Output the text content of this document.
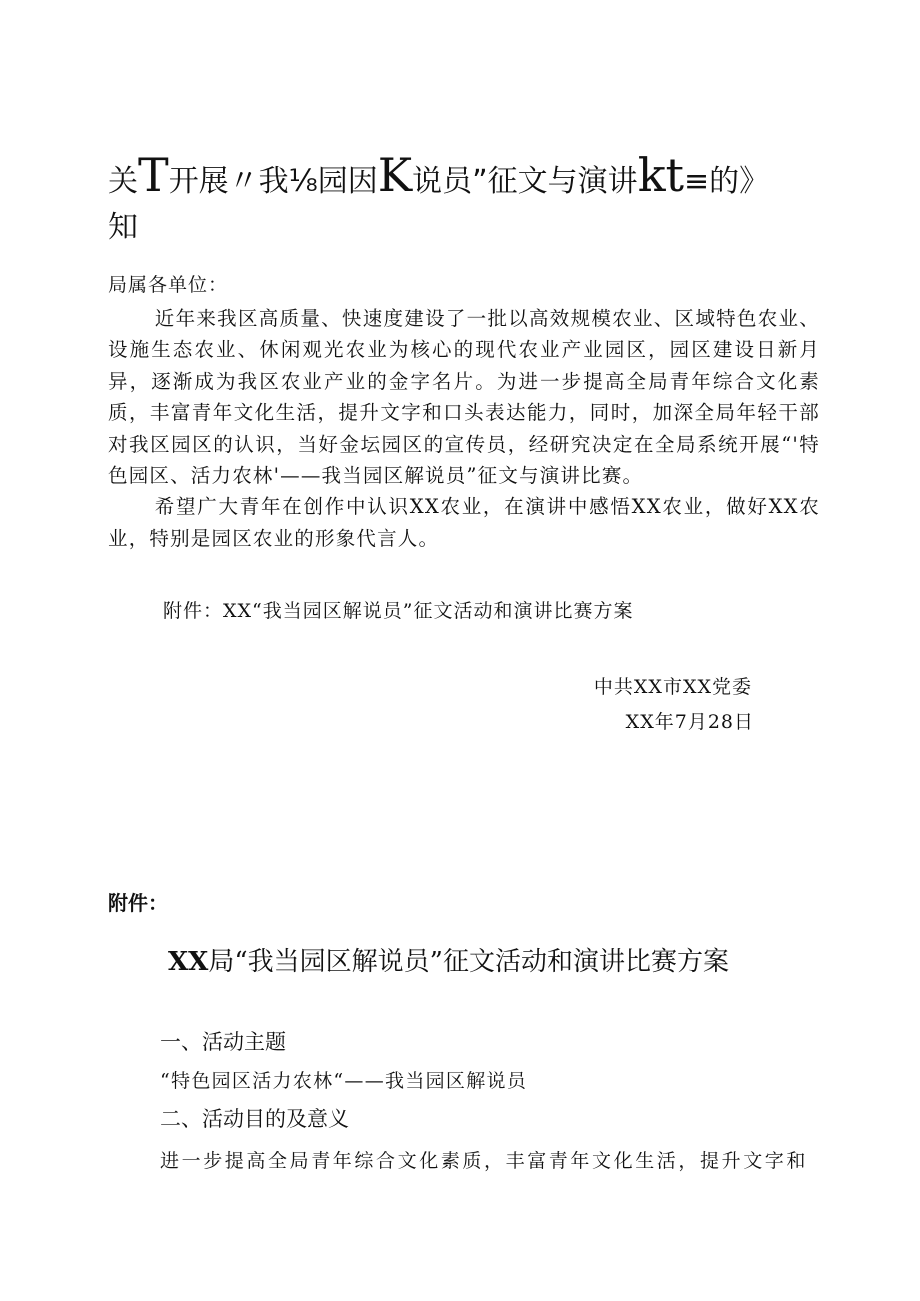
关T开展〃我⅛园因K说员”征文与演讲kt≡的》
知
局属各单位：

近年来我区高质量、快速度建设了一批以高效规模农业、区域特色农业、设施生态农业、休闲观光农业为核心的现代农业产业园区，园区建设日新月异，逐渐成为我区农业产业的金字名片。为进一步提高全局青年综合文化素质，丰富青年文化生活，提升文字和口头表达能力，同时，加深全局年轻干部对我区园区的认识，当好金坛园区的宣传员，经研究决定在全局系统开展“'特色园区、活力农林'——我当园区解说员”征文与演讲比赛。

希望广大青年在创作中认识XX农业，在演讲中感悟XX农业，做好XX农业，特别是园区农业的形象代言人。

附件：XX“我当园区解说员”征文活动和演讲比赛方案
中共XX市XX党委
XX年7月28日
附件：
XX局“我当园区解说员”征文活动和演讲比赛方案
一、活动主题
“特色园区活力农林“——我当园区解说员
二、活动目的及意义
进一步提高全局青年综合文化素质，丰富青年文化生活，提升文字和
